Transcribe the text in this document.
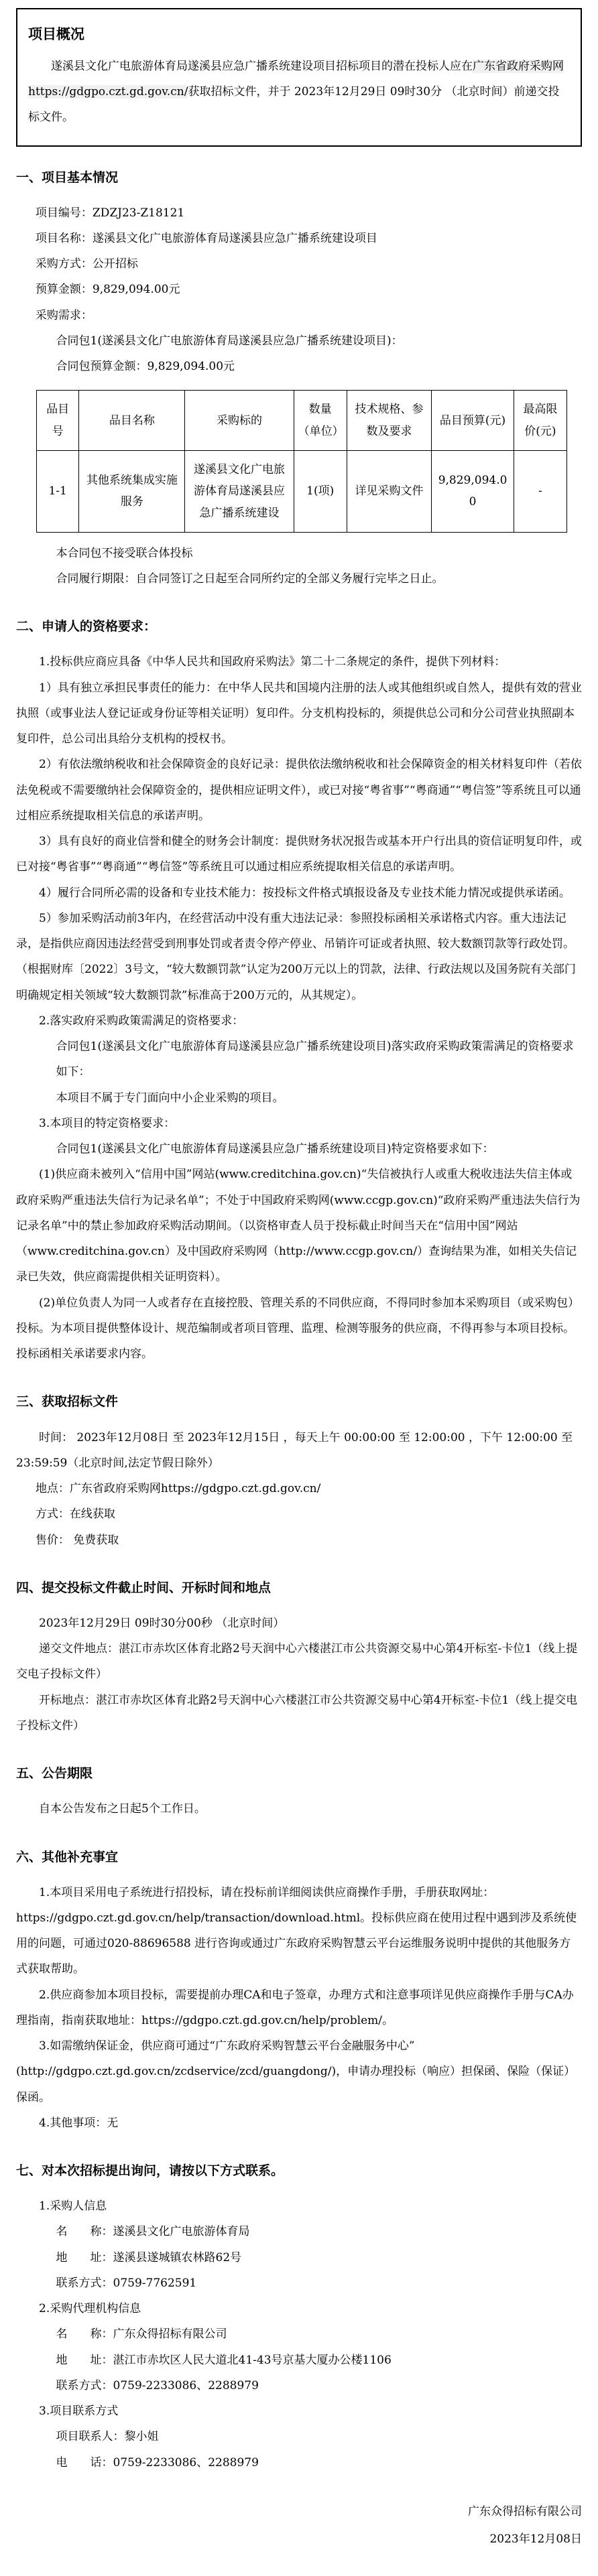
项目概况

遂溪县文化广电旅游体育局遂溪县应急广播系统建设项目招标项目的潜在投标人应在广东省政府采购网https://gdgpo.czt.gd.gov.cn/获取招标文件，并于 2023年12月29日 09时30分 （北京时间）前递交投标文件。

一、项目基本情况

项目编号：ZDZJ23-Z18121

项目名称：遂溪县文化广电旅游体育局遂溪县应急广播系统建设项目

采购方式：公开招标

预算金额：9,829,094.00元

采购需求：

合同包1(遂溪县文化广电旅游体育局遂溪县应急广播系统建设项目)：

合同包预算金额：9,829,094.00元

品目号	品目名称	采购标的	数量（单位）	技术规格、参数及要求	品目预算(元)	最高限价(元)
1-1	其他系统集成实施服务	遂溪县文化广电旅游体育局遂溪县应急广播系统建设	1(项)	详见采购文件	9,829,094.00	-

本合同包不接受联合体投标

合同履行期限：自合同签订之日起至合同所约定的全部义务履行完毕之日止。

二、申请人的资格要求：

1.投标供应商应具备《中华人民共和国政府采购法》第二十二条规定的条件，提供下列材料：

1）具有独立承担民事责任的能力：在中华人民共和国境内注册的法人或其他组织或自然人，提供有效的营业执照（或事业法人登记证或身份证等相关证明）复印件。分支机构投标的，须提供总公司和分公司营业执照副本复印件，总公司出具给分支机构的授权书。

2）有依法缴纳税收和社会保障资金的良好记录：提供依法缴纳税收和社会保障资金的相关材料复印件（若依法免税或不需要缴纳社会保障资金的，提供相应证明文件），或已对接“粤省事”“粤商通”“粤信签”等系统且可以通过相应系统提取相关信息的承诺声明。

3）具有良好的商业信誉和健全的财务会计制度：提供财务状况报告或基本开户行出具的资信证明复印件，或已对接“粤省事”“粤商通”“粤信签”等系统且可以通过相应系统提取相关信息的承诺声明。

4）履行合同所必需的设备和专业技术能力：按投标文件格式填报设备及专业技术能力情况或提供承诺函。

5）参加采购活动前3年内，在经营活动中没有重大违法记录：参照投标函相关承诺格式内容。重大违法记录，是指供应商因违法经营受到刑事处罚或者责令停产停业、吊销许可证或者执照、较大数额罚款等行政处罚。（根据财库〔2022〕3号文，“较大数额罚款”认定为200万元以上的罚款，法律、行政法规以及国务院有关部门明确规定相关领域“较大数额罚款”标准高于200万元的，从其规定）。

2.落实政府采购政策需满足的资格要求：

合同包1(遂溪县文化广电旅游体育局遂溪县应急广播系统建设项目)落实政府采购政策需满足的资格要求如下：

本项目不属于专门面向中小企业采购的项目。

3.本项目的特定资格要求：

合同包1(遂溪县文化广电旅游体育局遂溪县应急广播系统建设项目)特定资格要求如下：

(1)供应商未被列入“信用中国”网站(www.creditchina.gov.cn)“失信被执行人或重大税收违法失信主体或政府采购严重违法失信行为记录名单”；不处于中国政府采购网(www.ccgp.gov.cn)“政府采购严重违法失信行为记录名单”中的禁止参加政府采购活动期间。（以资格审查人员于投标截止时间当天在“信用中国”网站（www.creditchina.gov.cn）及中国政府采购网（http://www.ccgp.gov.cn/）查询结果为准，如相关失信记录已失效，供应商需提供相关证明资料）。

(2)单位负责人为同一人或者存在直接控股、管理关系的不同供应商，不得同时参加本采购项目（或采购包）投标。为本项目提供整体设计、规范编制或者项目管理、监理、检测等服务的供应商，不得再参与本项目投标。投标函相关承诺要求内容。

三、获取招标文件

时间： 2023年12月08日 至 2023年12月15日 ，每天上午 00:00:00 至 12:00:00 ，下午 12:00:00 至 23:59:59（北京时间,法定节假日除外）

地点：广东省政府采购网https://gdgpo.czt.gd.gov.cn/

方式：在线获取

售价： 免费获取

四、提交投标文件截止时间、开标时间和地点

2023年12月29日 09时30分00秒 （北京时间）

递交文件地点：湛江市赤坎区体育北路2号天润中心六楼湛江市公共资源交易中心第4开标室-卡位1（线上提交电子投标文件）

开标地点：湛江市赤坎区体育北路2号天润中心六楼湛江市公共资源交易中心第4开标室-卡位1（线上提交电子投标文件）

五、公告期限

自本公告发布之日起5个工作日。

六、其他补充事宜

1.本项目采用电子系统进行招投标，请在投标前详细阅读供应商操作手册，手册获取网址：https://gdgpo.czt.gd.gov.cn/help/transaction/download.html。投标供应商在使用过程中遇到涉及系统使用的问题，可通过020-88696588 进行咨询或通过广东政府采购智慧云平台运维服务说明中提供的其他服务方式获取帮助。

2.供应商参加本项目投标，需要提前办理CA和电子签章，办理方式和注意事项详见供应商操作手册与CA办理指南，指南获取地址：https://gdgpo.czt.gd.gov.cn/help/problem/。

3.如需缴纳保证金，供应商可通过“广东政府采购智慧云平台金融服务中心”(http://gdgpo.czt.gd.gov.cn/zcdservice/zcd/guangdong/)，申请办理投标（响应）担保函、保险（保证）保函。

4.其他事项：无

七、对本次招标提出询问，请按以下方式联系。

1.采购人信息

名　　称：遂溪县文化广电旅游体育局

地　　址：遂溪县遂城镇农林路62号

联系方式：0759-7762591

2.采购代理机构信息

名　　称：广东众得招标有限公司

地　　址：湛江市赤坎区人民大道北41-43号京基大厦办公楼1106

联系方式：0759-2233086、2288979

3.项目联系方式

项目联系人：黎小姐

电　　话：0759-2233086、2288979

广东众得招标有限公司

2023年12月08日
